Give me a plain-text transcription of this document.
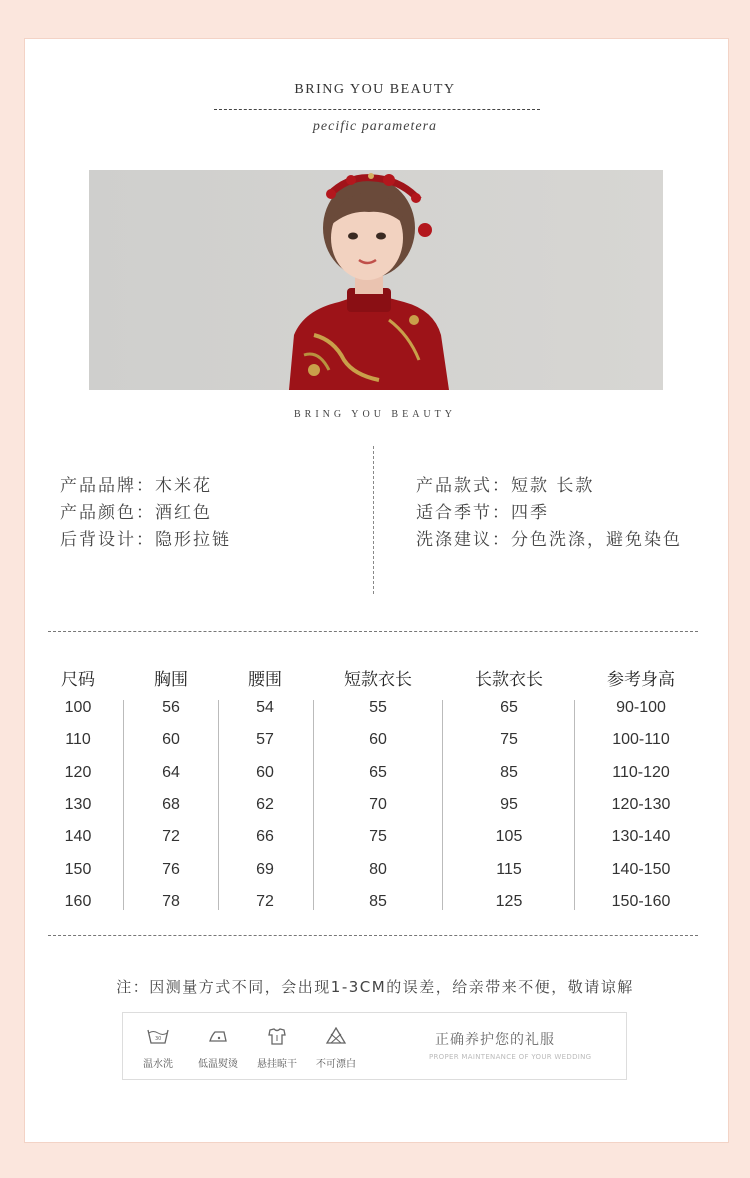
BRING YOU BEAUTY
pecific parametera
BRING YOU BEAUTY
产品品牌：木米花
产品颜色：酒红色
后背设计：隐形拉链
产品款式：短款 长款
适合季节：四季
洗涤建议：分色洗涤，避免染色
尺码	胸围	腰围	短款衣长	长款衣长	参考身高
100	56	54	55	65	90-100
110	60	57	60	75	100-110
120	64	60	65	85	110-120
130	68	62	70	95	120-130
140	72	66	75	105	130-140
150	76	69	80	115	140-150
160	78	72	85	125	150-160
注：因测量方式不同，会出现1-3CM的误差，给亲带来不便，敬请谅解
30
温水洗	低温熨烫	悬挂晾干	不可漂白
正确养护您的礼服
PROPER MAINTENANCE OF YOUR WEDDING
